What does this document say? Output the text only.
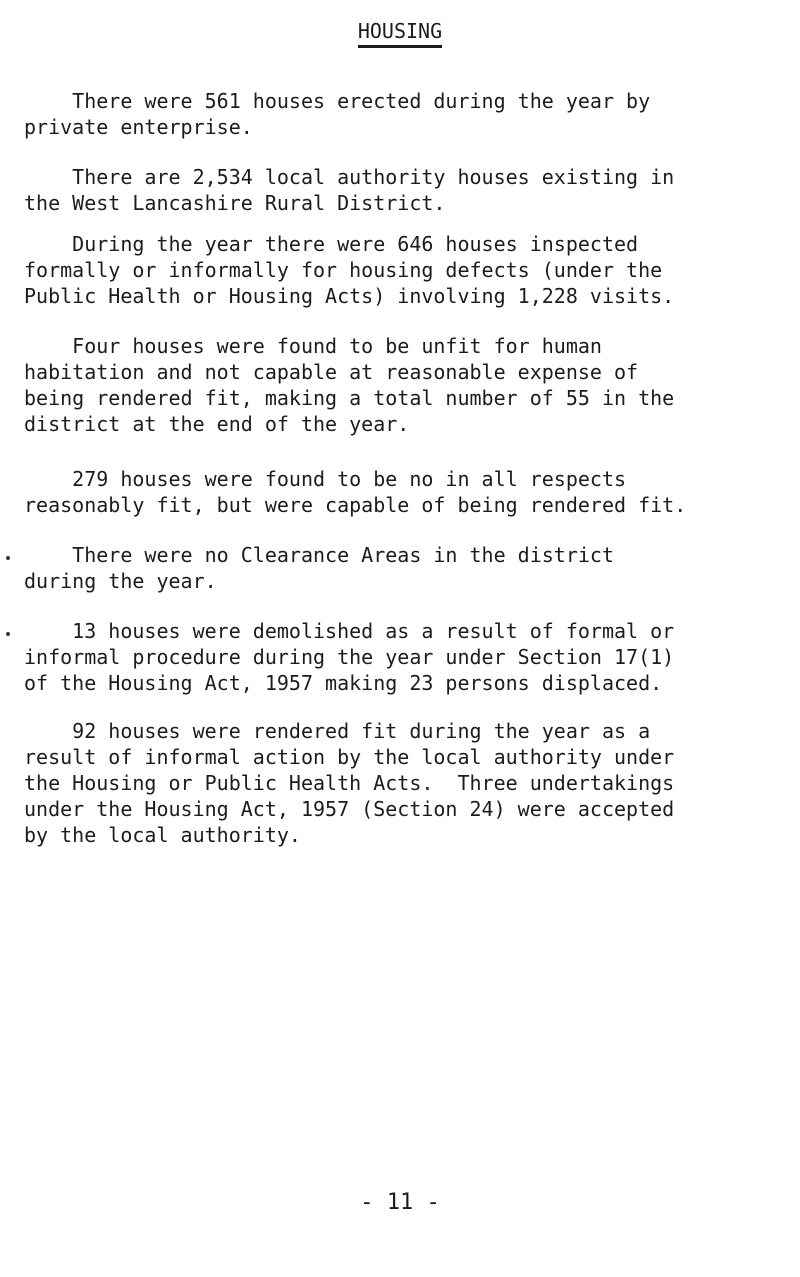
HOUSING

There were 561 houses erected during the year by
private enterprise.

There are 2,534 local authority houses existing in
the West Lancashire Rural District.

During the year there were 646 houses inspected
formally or informally for housing defects (under the
Public Health or Housing Acts) involving 1,228 visits.

Four houses were found to be unfit for human
habitation and not capable at reasonable expense of
being rendered fit, making a total number of 55 in the
district at the end of the year.

279 houses were found to be no in all respects
reasonably fit, but were capable of being rendered fit.

There were no Clearance Areas in the district
during the year.

13 houses were demolished as a result of formal or
informal procedure during the year under Section 17(1)
of the Housing Act, 1957 making 23 persons displaced.

92 houses were rendered fit during the year as a
result of informal action by the local authority under
the Housing or Public Health Acts.  Three undertakings
under the Housing Act, 1957 (Section 24) were accepted
by the local authority.

- 11 -
